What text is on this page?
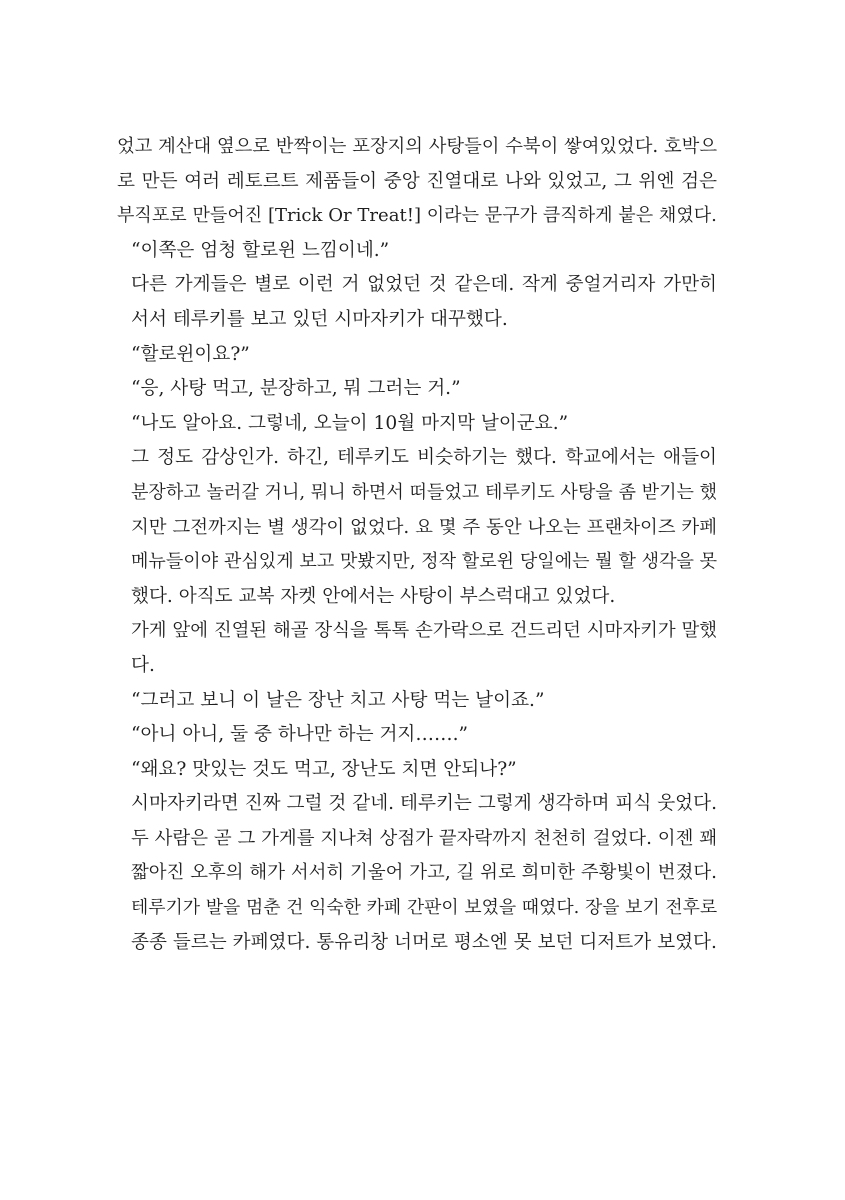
었고 계산대 옆으로 반짝이는 포장지의 사탕들이 수북이 쌓여있었다. 호박으
로 만든 여러 레토르트 제품들이 중앙 진열대로 나와 있었고, 그 위엔 검은
부직포로 만들어진 [Trick Or Treat!] 이라는 문구가 큼직하게 붙은 채였다.

“이쪽은 엄청 할로윈 느낌이네.”

다른 가게들은 별로 이런 거 없었던 것 같은데. 작게 중얼거리자 가만히
서서 테루키를 보고 있던 시마자키가 대꾸했다.

“할로윈이요?”

“응, 사탕 먹고, 분장하고, 뭐 그러는 거.”

“나도 알아요. 그렇네, 오늘이 10월 마지막 날이군요.”

그 정도 감상인가. 하긴, 테루키도 비슷하기는 했다. 학교에서는 애들이
분장하고 놀러갈 거니, 뭐니 하면서 떠들었고 테루키도 사탕을 좀 받기는 했
지만 그전까지는 별 생각이 없었다. 요 몇 주 동안 나오는 프랜차이즈 카페
메뉴들이야 관심있게 보고 맛봤지만, 정작 할로윈 당일에는 뭘 할 생각을 못
했다. 아직도 교복 자켓 안에서는 사탕이 부스럭대고 있었다.

가게 앞에 진열된 해골 장식을 톡톡 손가락으로 건드리던 시마자키가 말했
다.

“그러고 보니 이 날은 장난 치고 사탕 먹는 날이죠.”

“아니 아니, 둘 중 하나만 하는 거지…….”

“왜요? 맛있는 것도 먹고, 장난도 치면 안되나?”

시마자키라면 진짜 그럴 것 같네. 테루키는 그렇게 생각하며 피식 웃었다.
두 사람은 곧 그 가게를 지나쳐 상점가 끝자락까지 천천히 걸었다. 이젠 꽤
짧아진 오후의 해가 서서히 기울어 가고, 길 위로 희미한 주황빛이 번졌다.
테루기가 발을 멈춘 건 익숙한 카페 간판이 보였을 때였다. 장을 보기 전후로
종종 들르는 카페였다. 통유리창 너머로 평소엔 못 보던 디저트가 보였다.
